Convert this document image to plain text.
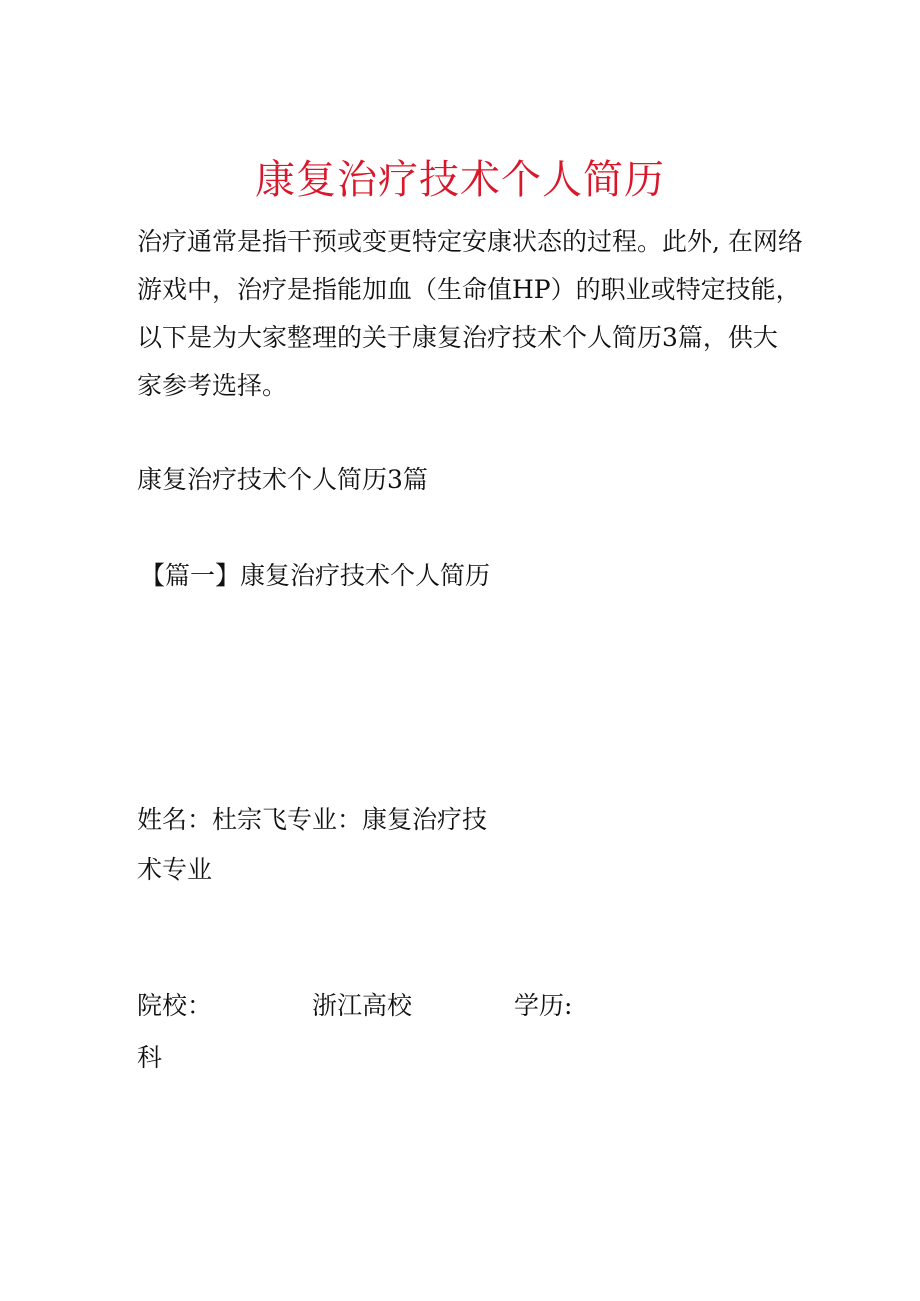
康复治疗技术个人简历

治疗通常是指干预或变更特定安康状态的过程。此外, 在网络

游戏中，治疗是指能加血（生命值HP）的职业或特定技能，

以下是为大家整理的关于康复治疗技术个人简历3篇，供大

家参考选择。

康复治疗技术个人简历3篇
【篇一】康复治疗技术个人简历
姓名：杜宗飞专业：康复治疗技
术专业
院校：	浙江高校	学历:
科
